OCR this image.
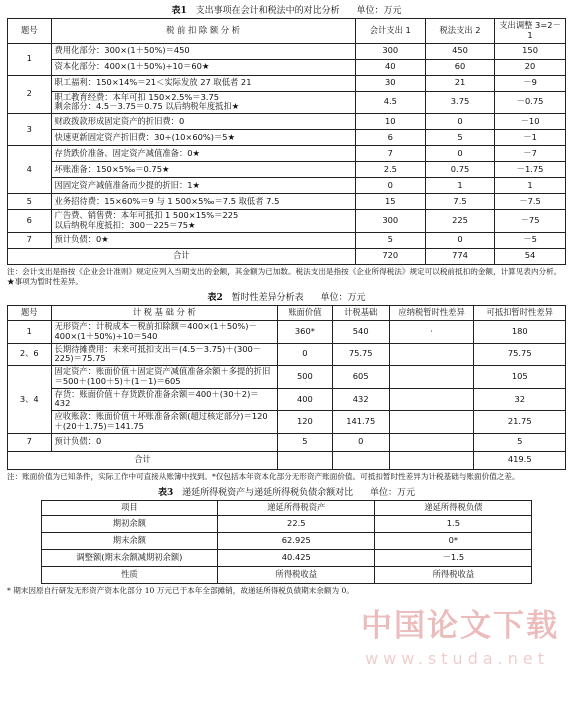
表1 支出事项在会计和税法中的对比分析 单位：万元
题号	税 前 扣 除 额 分 析	会计支出 1	税法支出 2	支出调整 3=2－1
1	费用化部分：300×(1＋50%)＝450	300	450	150
	资本化部分：400×(1＋50%)÷10＝60★	40	60	20
2	职工福利：150×14%＝21＜实际发放 27 取低者 21	30	21	－9
	职工教育经费：本年可扣 150×2.5%＝3.75
剩余部分：4.5－3.75＝0.75 以后纳税年度抵扣★	4.5	3.75	－0.75
3	财政拨款形成固定资产的折旧费：0	10	0	－10
	快速更新固定资产折旧费：30÷(10×60%)＝5★	6	5	－1
4	存货跌价准备、固定资产减值准备：0★	7	0	－7
	坏账准备：150×5‰＝0.75★	2.5	0.75	－1.75
	因固定资产减值准备而少提的折旧：1★	0	1	1
5	业务招待费：15×60%＝9 与 1 500×5‰＝7.5 取低者 7.5	15	7.5	－7.5
6	广告费、销售费：本年可抵扣 1 500×15%＝225
以后纳税年度抵扣：300－225＝75★	300	225	－75
7	预计负债：0★	5	0	－5
合计		720	774	54
注：会计支出是指按《企业会计准则》规定应列入当期支出的金额，其金额为已加数。税法支出是指按《企业所得税法》规定可以税前抵扣的金额，计算见表内分析。★事项为暂时性差异。
表2 暂时性差异分析表 单位：万元
题号	计 税 基 础 分 析	账面价值	计税基础	应纳税暂时性差异	可抵扣暂时性差异
1	无形资产：计税成本－税前扣除额＝400×(1＋50%)－400×(1＋50%)÷10＝540	360*	540	·	180
2、6	长期待摊费用：未来可抵扣支出＝(4.5－3.75)＋(300－225)＝75.75	0	75.75		75.75
3、4	固定资产：账面价值＋固定资产减值准备余额＋多提的折旧＝500＋(100＋5)＋(1－1)＝605	500	605		105
	存货：账面价值＋存货跌价准备余额＝400＋(30＋2)＝432	400	432		32
	应收账款：账面价值＋坏账准备余额(超过核定部分)＝120＋(20＋1.75)＝141.75	120	141.75		21.75
7	预计负债：0	5	0		5
合计					419.5
注：账面价值为已知条件，实际工作中可直接从账簿中找到。*仅包括本年资本化部分无形资产账面价值。可抵扣暂时性差异为计税基础与账面价值之差。
表3 递延所得税资产与递延所得税负债余额对比 单位：万元
项目	递延所得税资产	递延所得税负债
期初余额	22.5	1.5
期末余额	62.925	0*
调整额(期末余额减期初余额)	40.425	－1.5
性质	所得税收益	所得税收益
* 期末因原自行研发无形资产资本化部分 10 万元已于本年全部摊销，故递延所得税负债期末余额为 0。
中国论文下载
www.studa.net
